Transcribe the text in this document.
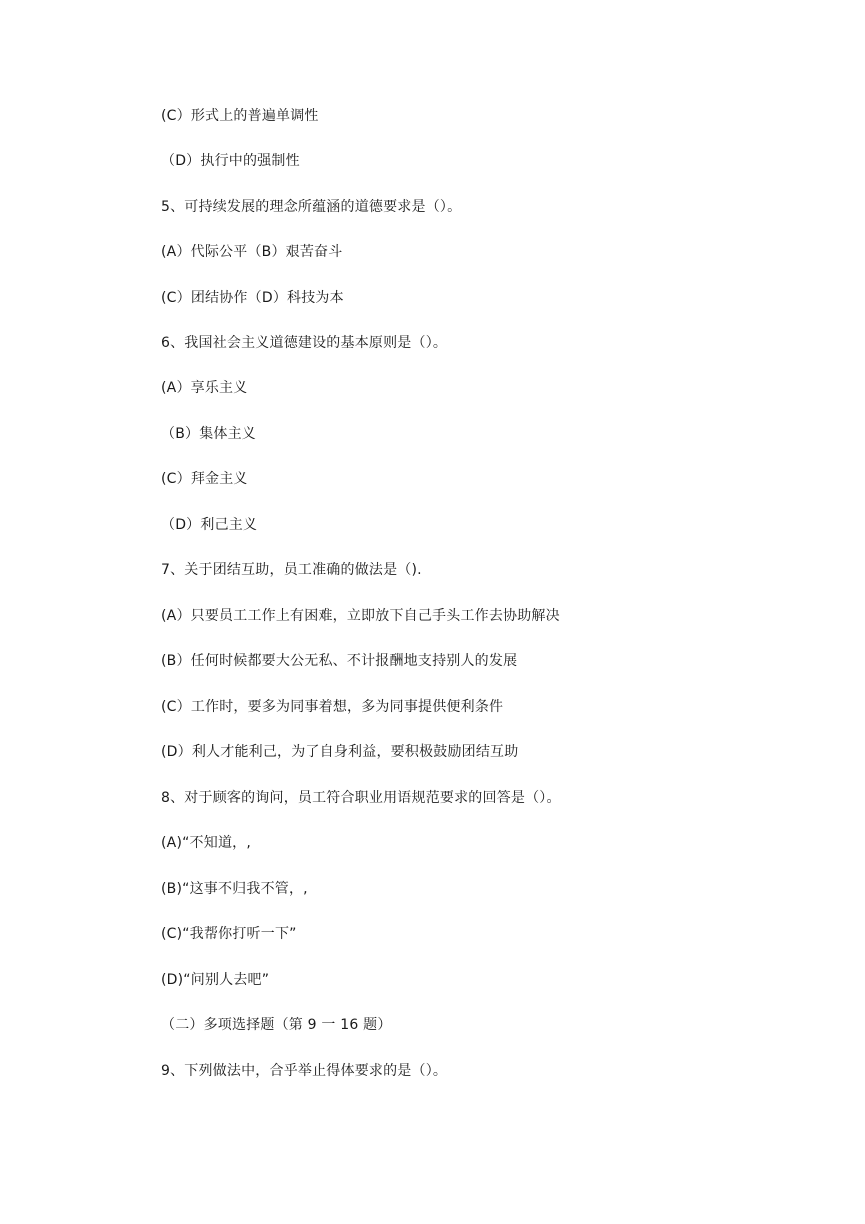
(C）形式上的普遍单调性
（D）执行中的强制性
5、可持续发展的理念所蕴涵的道德要求是（）。
(A）代际公平（B）艰苦奋斗
(C）团结协作（D）科技为本
6、我国社会主义道德建设的基本原则是（）。
(A）享乐主义
（B）集体主义
(C）拜金主义
（D）利己主义
7、关于团结互助，员工准确的做法是（).
(A）只要员工工作上有困难，立即放下自己手头工作去协助解决
(B）任何时候都要大公无私、不计报酬地支持别人的发展
(C）工作时，要多为同事着想，多为同事提供便利条件
(D）利人才能利己，为了自身利益，要积极鼓励团结互助
8、对于顾客的询问，员工符合职业用语规范要求的回答是（）。
(A)“不知道，,
(B)“这事不归我不管，,
(C)“我帮你打听一下”
(D)“问别人去吧”
（二）多项选择题（第 9 一 16 题）
9、下列做法中，合乎举止得体要求的是（）。
